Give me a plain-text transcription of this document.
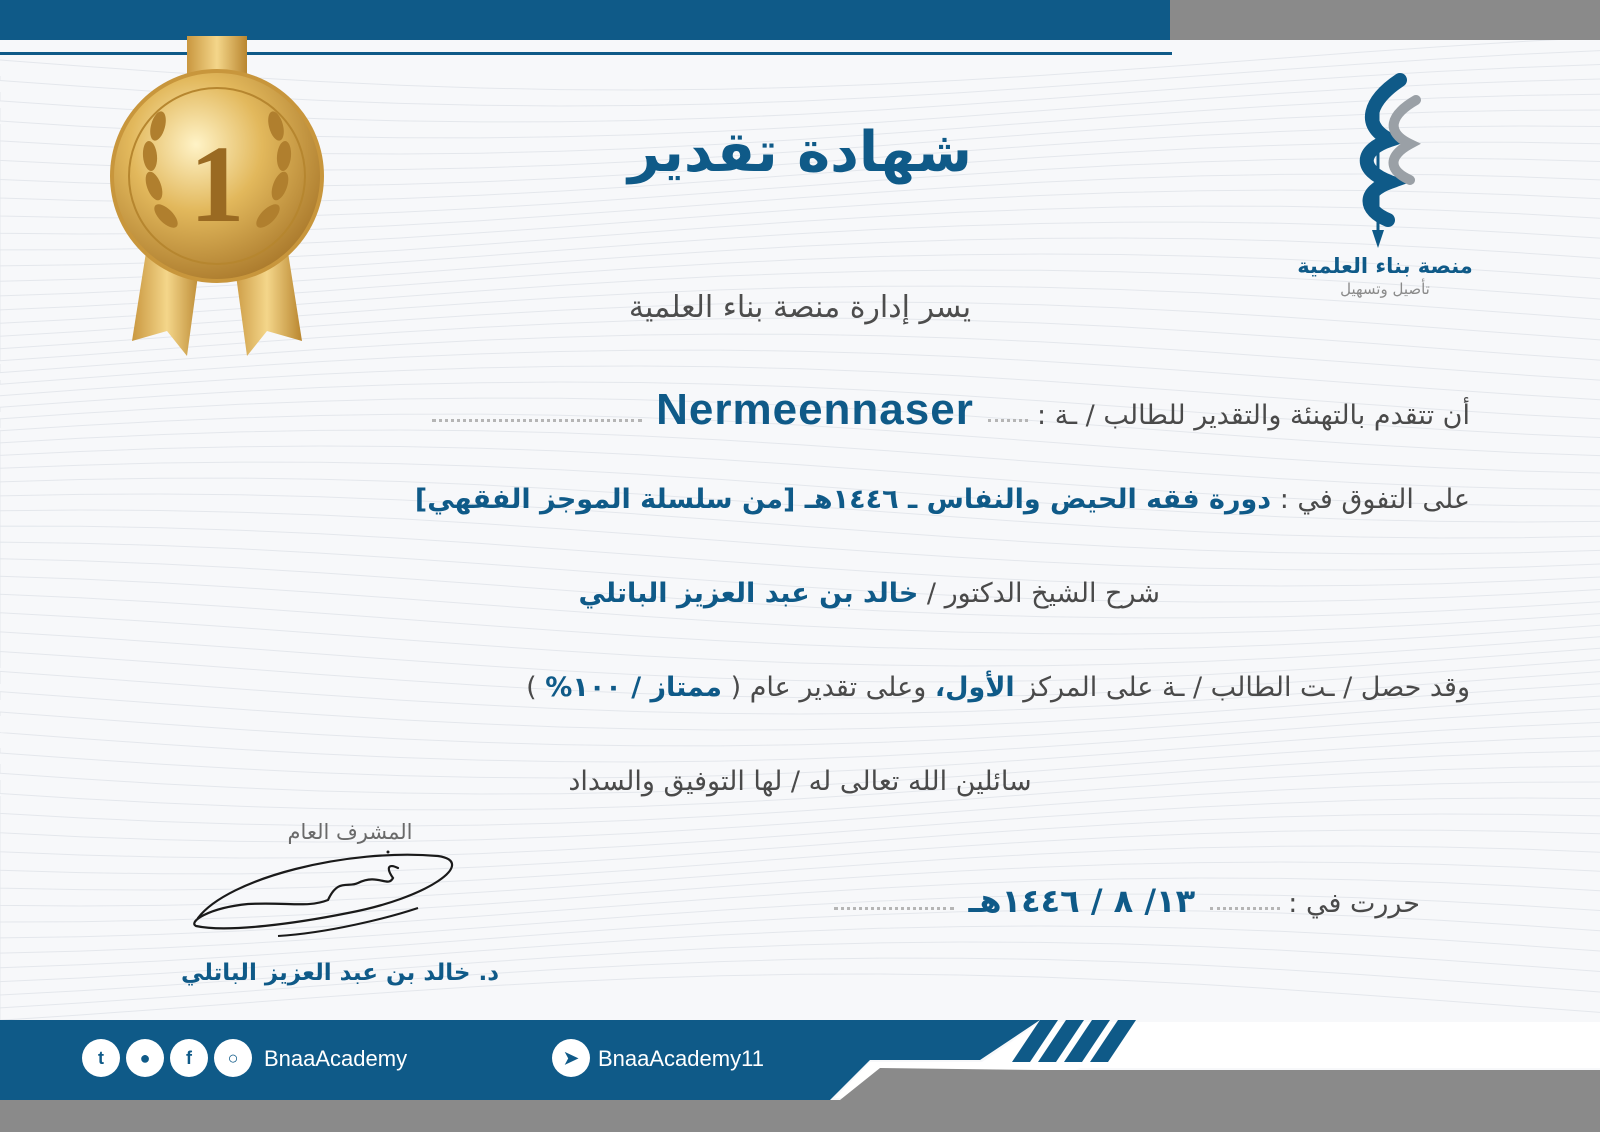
1
منصة بناء العلمية
تأصيل وتسهيل
شهادة تقدير
يسر إدارة منصة بناء العلمية
أن تتقدم بالتهنئة والتقدير للطالب / ـة :  Nermeennaser
على التفوق في : دورة فقه الحيض والنفاس ـ ١٤٤٦هـ [من سلسلة الموجز الفقهي]
شرح الشيخ الدكتور / خالد بن عبد العزيز الباتلي
وقد حصل / ـت الطالب / ـة على المركز الأول، وعلى تقدير عام ( ممتاز / ١٠٠% )
سائلين الله تعالى له / لها التوفيق والسداد
المشرف العام
د. خالد بن عبد العزيز الباتلي
حررت في :  ١٣/ ٨ / ١٤٤٦هـ
t	●	f	○	BnaaAcademy	➤ BnaaAcademy11
